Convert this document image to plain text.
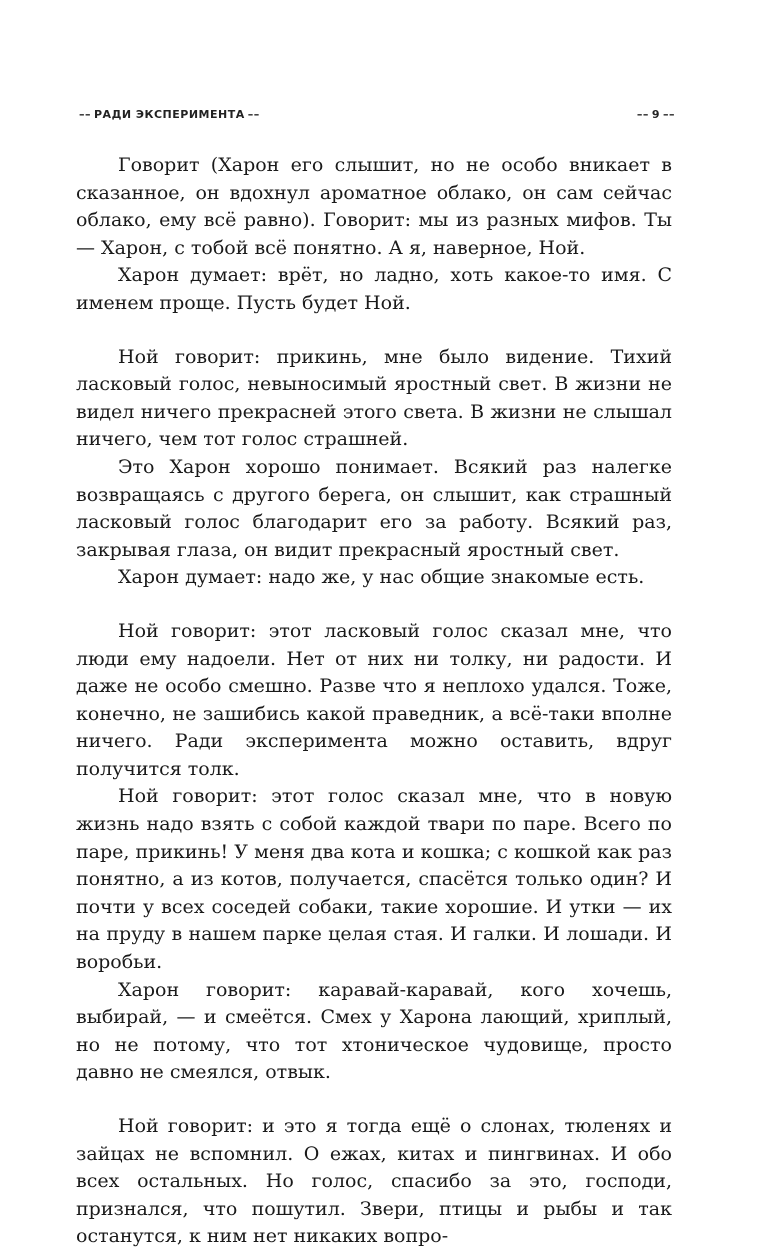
–– РАДИ ЭКСПЕРИМЕНТА ––	–– 9 ––

Говорит (Харон его слышит, но не особо вникает в сказанное, он вдохнул ароматное облако, он сам сейчас облако, ему всё равно). Говорит: мы из разных мифов. Ты — Харон, с тобой всё понятно. А я, наверное, Ной.

Харон думает: врёт, но ладно, хоть какое-то имя. С именем проще. Пусть будет Ной.

Ной говорит: прикинь, мне было видение. Тихий ласковый голос, невыносимый яростный свет. В жизни не видел ничего прекрасней этого света. В жизни не слышал ничего, чем тот голос страшней.

Это Харон хорошо понимает. Всякий раз налегке возвращаясь с другого берега, он слышит, как страшный ласковый голос благодарит его за работу. Всякий раз, закрывая глаза, он видит прекрасный яростный свет.

Харон думает: надо же, у нас общие знакомые есть.

Ной говорит: этот ласковый голос сказал мне, что люди ему надоели. Нет от них ни толку, ни радости. И даже не особо смешно. Разве что я неплохо удался. Тоже, конечно, не зашибись какой праведник, а всё-таки вполне ничего. Ради эксперимента можно оставить, вдруг получится толк.

Ной говорит: этот голос сказал мне, что в новую жизнь надо взять с собой каждой твари по паре. Всего по паре, прикинь! У меня два кота и кошка; с кошкой как раз понятно, а из котов, получается, спасётся только один? И почти у всех соседей собаки, такие хорошие. И утки — их на пруду в нашем парке целая стая. И галки. И лошади. И воробьи.

Харон говорит: каравай-каравай, кого хочешь, выбирай, — и смеётся. Смех у Харона лающий, хриплый, но не потому, что тот хтоническое чудовище, просто давно не смеялся, отвык.

Ной говорит: и это я тогда ещё о слонах, тюленях и зайцах не вспомнил. О ежах, китах и пингвинах. И обо всех остальных. Но голос, спасибо за это, господи, признался, что пошутил. Звери, птицы и рыбы и так останутся, к ним нет никаких вопро-
